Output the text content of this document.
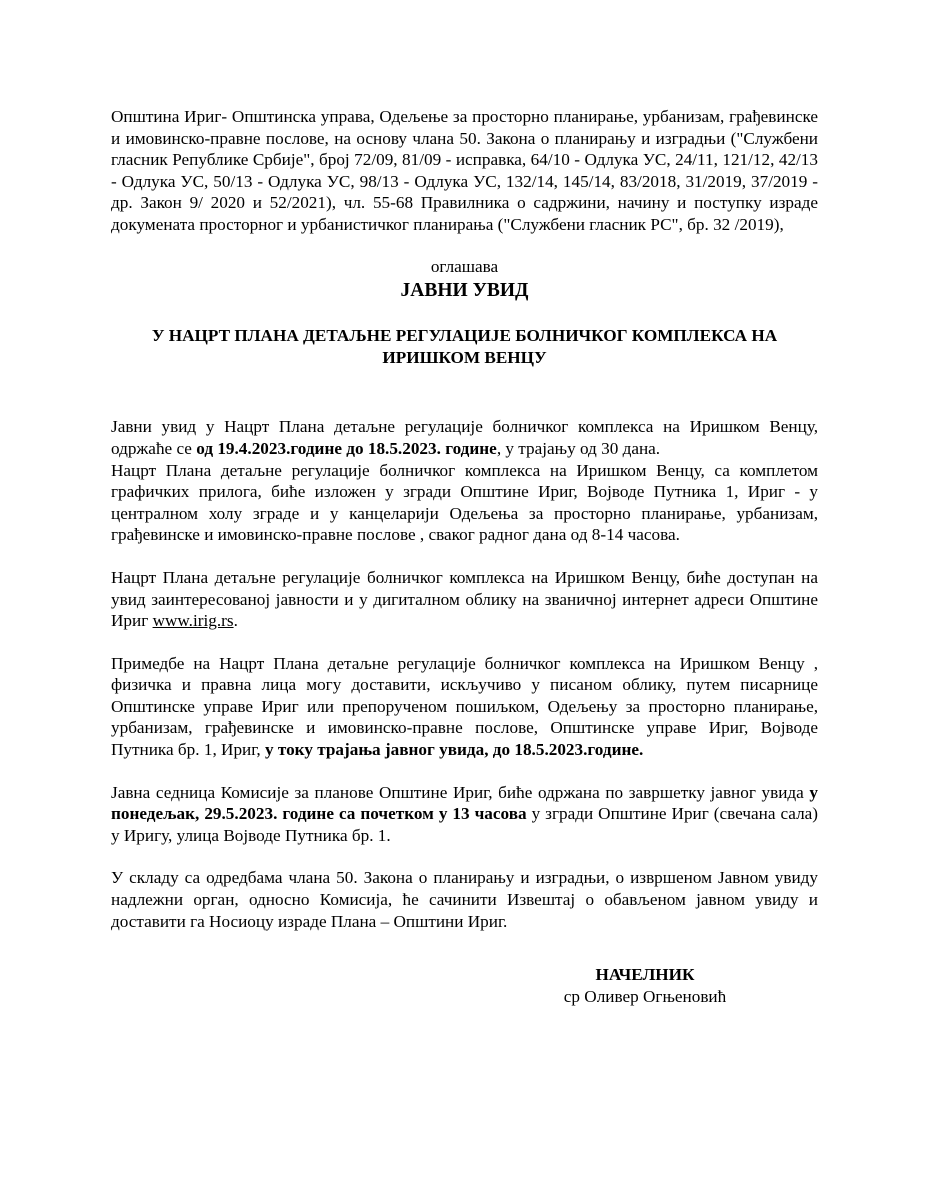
Општина Ириг- Општинска управа, Одељење за просторно планирање, урбанизам, грађевинске и имовинско-правне послове, на основу члана 50. Закона о планирању и изградњи ("Службени гласник Републике Србије", број 72/09, 81/09 - исправка, 64/10 - Одлука УС, 24/11, 121/12, 42/13 - Одлука УС, 50/13 - Одлука УС, 98/13 - Одлука УС, 132/14, 145/14, 83/2018, 31/2019, 37/2019 - др. Закон 9/ 2020 и 52/2021), чл. 55-68 Правилника о садржини, начину и поступку израде докумената просторног и урбанистичког планирања ("Службени гласник РС", бр. 32 /2019),

оглашава
ЈАВНИ УВИД
У НАЦРТ ПЛАНА ДЕТАЉНЕ РЕГУЛАЦИЈЕ БОЛНИЧКОГ КОМПЛЕКСА НА ИРИШКОМ ВЕНЦУ

Јавни увид у Нацрт Плана детаљне регулације болничког комплекса на Иришком Венцу, одржаће се од 19.4.2023.године до 18.5.2023. године, у трајању од 30 дана.

Нацрт Плана детаљне регулације болничког комплекса на Иришком Венцу, са комплетом графичких прилога, биће изложен у згради Општине Ириг, Војводе Путника 1, Ириг - у централном холу зграде и у канцеларији Одељења за просторно планирање, урбанизам, грађевинске и имовинско-правне послове , сваког радног дана од 8-14 часова.

Нацрт Плана детаљне регулације болничког комплекса на Иришком Венцу, биће доступан на увид заинтересованој јавности и у дигиталном облику на званичној интернет адреси Општине Ириг www.irig.rs.

Примедбе на Нацрт Плана детаљне регулације болничког комплекса на Иришком Венцу , физичка и правна лица могу доставити, искључиво у писаном облику, путем писарнице Општинске управе Ириг или препорученом пошиљком, Одељењу за просторно планирање, урбанизам, грађевинске и имовинско-правне послове, Општинске управе Ириг, Војводе Путника бр. 1, Ириг, у току трајања јавног увида, до 18.5.2023.године.

Јавна седница Комисије за планове Општине Ириг, биће одржана по завршетку јавног увида у понедељак, 29.5.2023. године са почетком у 13 часова у згради Општине Ириг (свечана сала) у Иригу, улица Војводе Путника бр. 1.

У складу са одредбама члана 50. Закона о планирању и изградњи, о извршеном Јавном увиду надлежни орган, односно Комисија, ће сачинити Извештај о обављеном јавном увиду и доставити га Носиоцу израде Плана – Општини Ириг.

НАЧЕЛНИК
ср Оливер Огњеновић
